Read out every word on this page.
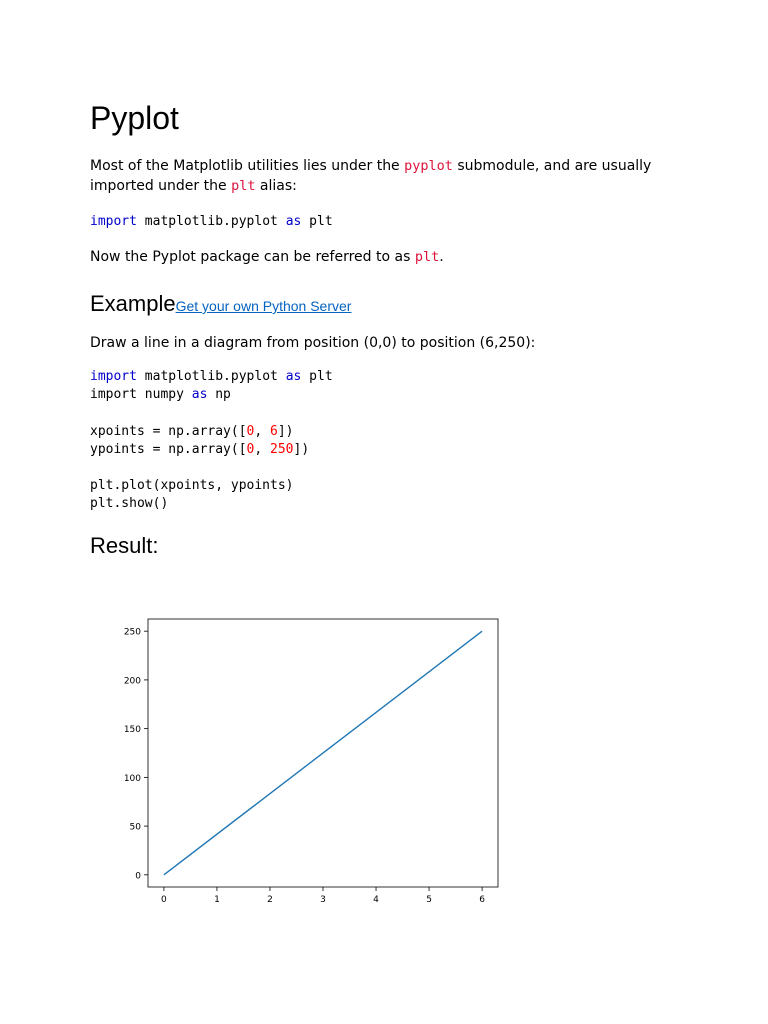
Pyplot

Most of the Matplotlib utilities lies under the pyplot submodule, and are usually
imported under the plt alias:

import matplotlib.pyplot as plt

Now the Pyplot package can be referred to as plt.

ExampleGet your own Python Server

Draw a line in a diagram from position (0,0) to position (6,250):

import matplotlib.pyplot as plt
import numpy as np

xpoints = np.array([0, 6])
ypoints = np.array([0, 250])

plt.plot(xpoints, ypoints)
plt.show()
Result:
0	1	2	3	4	5	6
0
50
100
150
200
250
